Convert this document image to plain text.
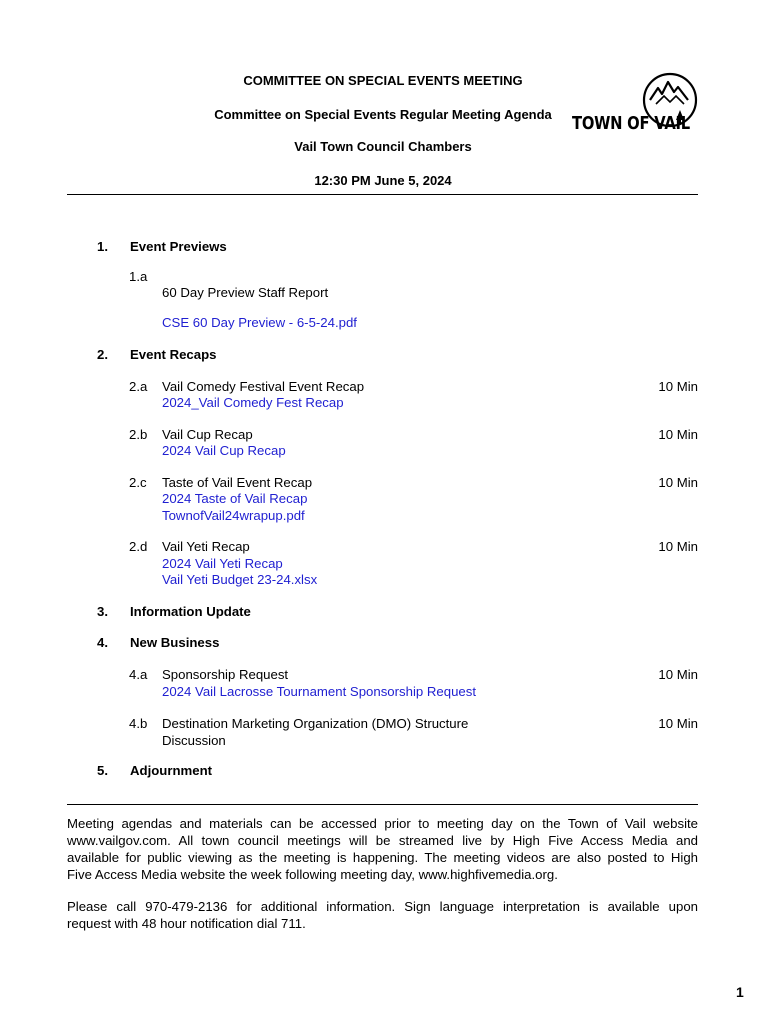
COMMITTEE ON SPECIAL EVENTS MEETING
Committee on Special Events Regular Meeting Agenda
Vail Town Council Chambers
12:30 PM June 5, 2024
TOWN OF VAIL
1. Event Previews
1.a
60 Day Preview Staff Report
CSE 60 Day Preview - 6-5-24.pdf
2. Event Recaps
2.a Vail Comedy Festival Event Recap
2024_Vail Comedy Fest Recap
10 Min
2.b Vail Cup Recap
2024 Vail Cup Recap
10 Min
2.c Taste of Vail Event Recap
2024 Taste of Vail Recap
TownofVail24wrapup.pdf
10 Min
2.d Vail Yeti Recap
2024 Vail Yeti Recap
Vail Yeti Budget 23-24.xlsx
10 Min
3. Information Update
4. New Business
4.a Sponsorship Request
2024 Vail Lacrosse Tournament Sponsorship Request
10 Min
4.b Destination Marketing Organization (DMO) Structure
Discussion
10 Min
5. Adjournment
Meeting agendas and materials can be accessed prior to meeting day on the Town of Vail website
www.vailgov.com. All town council meetings will be streamed live by High Five Access Media and
available for public viewing as the meeting is happening. The meeting videos are also posted to High
Five Access Media website the week following meeting day, www.highfivemedia.org.
Please call 970-479-2136 for additional information. Sign language interpretation is available upon
request with 48 hour notification dial 711.
1
